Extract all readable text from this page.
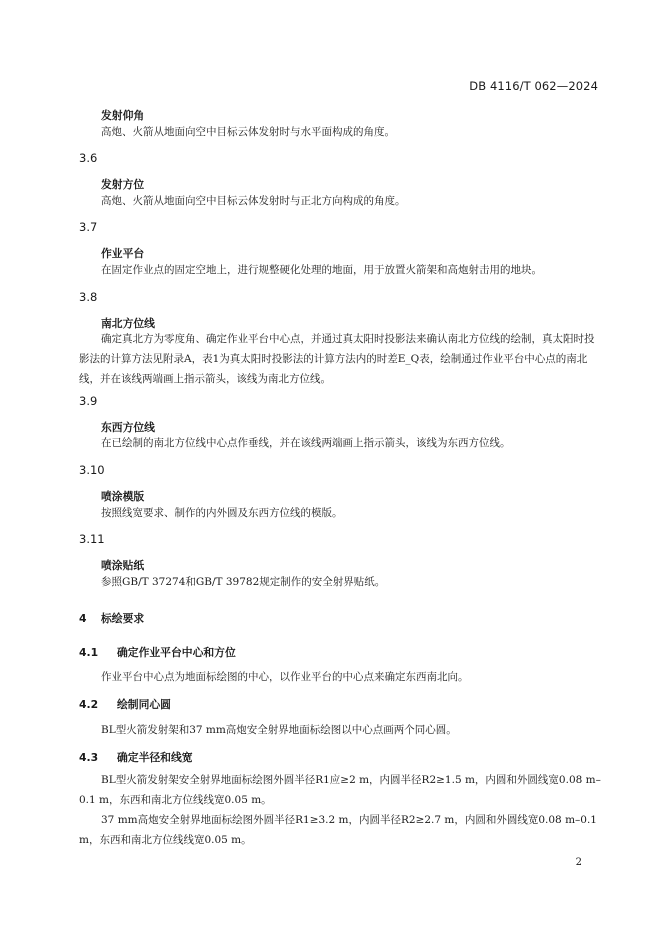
DB 4116/T 062—2024
发射仰角
高炮、火箭从地面向空中目标云体发射时与水平面构成的角度。
3.6
发射方位
高炮、火箭从地面向空中目标云体发射时与正北方向构成的角度。
3.7
作业平台
在固定作业点的固定空地上，进行规整硬化处理的地面，用于放置火箭架和高炮射击用的地块。
3.8
南北方位线
确定真北方为零度角、确定作业平台中心点，并通过真太阳时投影法来确认南北方位线的绘制，真太阳时投影法的计算方法见附录A，表1为真太阳时投影法的计算方法内的时差E_Q表，绘制通过作业平台中心点的南北线，并在该线两端画上指示箭头，该线为南北方位线。
3.9
东西方位线
在已绘制的南北方位线中心点作垂线，并在该线两端画上指示箭头，该线为东西方位线。
3.10
喷涂模版
按照线宽要求、制作的内外圆及东西方位线的模版。
3.11
喷涂贴纸
参照GB/T 37274和GB/T 39782规定制作的安全射界贴纸。
4 标绘要求
4.1 确定作业平台中心和方位
作业平台中心点为地面标绘图的中心，以作业平台的中心点来确定东西南北向。
4.2 绘制同心圆
BL型火箭发射架和37 mm高炮安全射界地面标绘图以中心点画两个同心圆。
4.3 确定半径和线宽
BL型火箭发射架安全射界地面标绘图外圆半径R1应≥2 m，内圆半径R2≥1.5 m，内圆和外圆线宽0.08 m–0.1 m，东西和南北方位线线宽0.05 m。
37 mm高炮安全射界地面标绘图外圆半径R1≥3.2 m，内圆半径R2≥2.7 m，内圆和外圆线宽0.08 m–0.1 m，东西和南北方位线线宽0.05 m。
2
